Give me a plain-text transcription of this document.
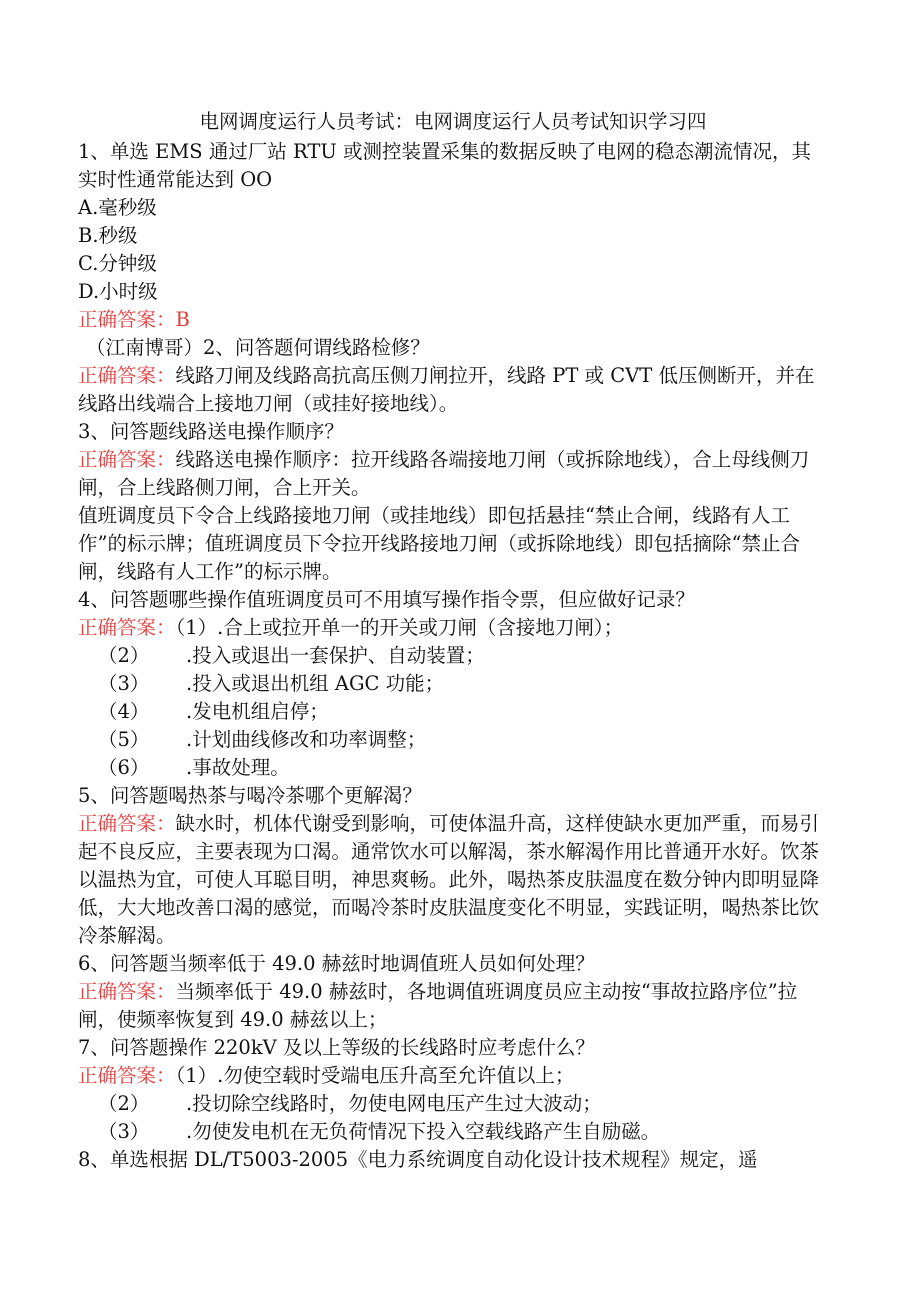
电网调度运行人员考试：电网调度运行人员考试知识学习四

1、单选 EMS 通过厂站 RTU 或测控装置采集的数据反映了电网的稳态潮流情况，其实时性通常能达到 OO

A.毫秒级

B.秒级

C.分钟级

D.小时级

正确答案：B

（江南博哥）2、问答题何谓线路检修？

正确答案：线路刀闸及线路高抗高压侧刀闸拉开，线路 PT 或 CVT 低压侧断开，并在线路出线端合上接地刀闸（或挂好接地线）。

3、问答题线路送电操作顺序？

正确答案：线路送电操作顺序：拉开线路各端接地刀闸（或拆除地线），合上母线侧刀闸，合上线路侧刀闸，合上开关。

值班调度员下令合上线路接地刀闸（或挂地线）即包括悬挂“禁止合闸，线路有人工作”的标示牌；值班调度员下令拉开线路接地刀闸（或拆除地线）即包括摘除“禁止合闸，线路有人工作”的标示牌。

4、问答题哪些操作值班调度员可不用填写操作指令票，但应做好记录？

正确答案：（1）.合上或拉开单一的开关或刀闸（含接地刀闸）；

（2）	.投入或退出一套保护、自动装置；
（3）	.投入或退出机组 AGC 功能；
（4）	.发电机组启停；
（5）	.计划曲线修改和功率调整；
（6）	.事故处理。

5、问答题喝热茶与喝冷茶哪个更解渴？

正确答案：缺水时，机体代谢受到影响，可使体温升高，这样使缺水更加严重，而易引起不良反应，主要表现为口渴。通常饮水可以解渴，茶水解渴作用比普通开水好。饮茶以温热为宜，可使人耳聪目明，神思爽畅。此外，喝热茶皮肤温度在数分钟内即明显降低，大大地改善口渴的感觉，而喝冷茶时皮肤温度变化不明显，实践证明，喝热茶比饮冷茶解渴。

6、问答题当频率低于 49.0 赫兹时地调值班人员如何处理？

正确答案：当频率低于 49.0 赫兹时，各地调值班调度员应主动按“事故拉路序位”拉闸，使频率恢复到 49.0 赫兹以上；

7、问答题操作 220kV 及以上等级的长线路时应考虑什么？

正确答案：（1）.勿使空载时受端电压升高至允许值以上；

（2）	.投切除空线路时，勿使电网电压产生过大波动；
（3）	.勿使发电机在无负荷情况下投入空载线路产生自励磁。

8、单选根据 DL/T5003-2005《电力系统调度自动化设计技术规程》规定，遥
